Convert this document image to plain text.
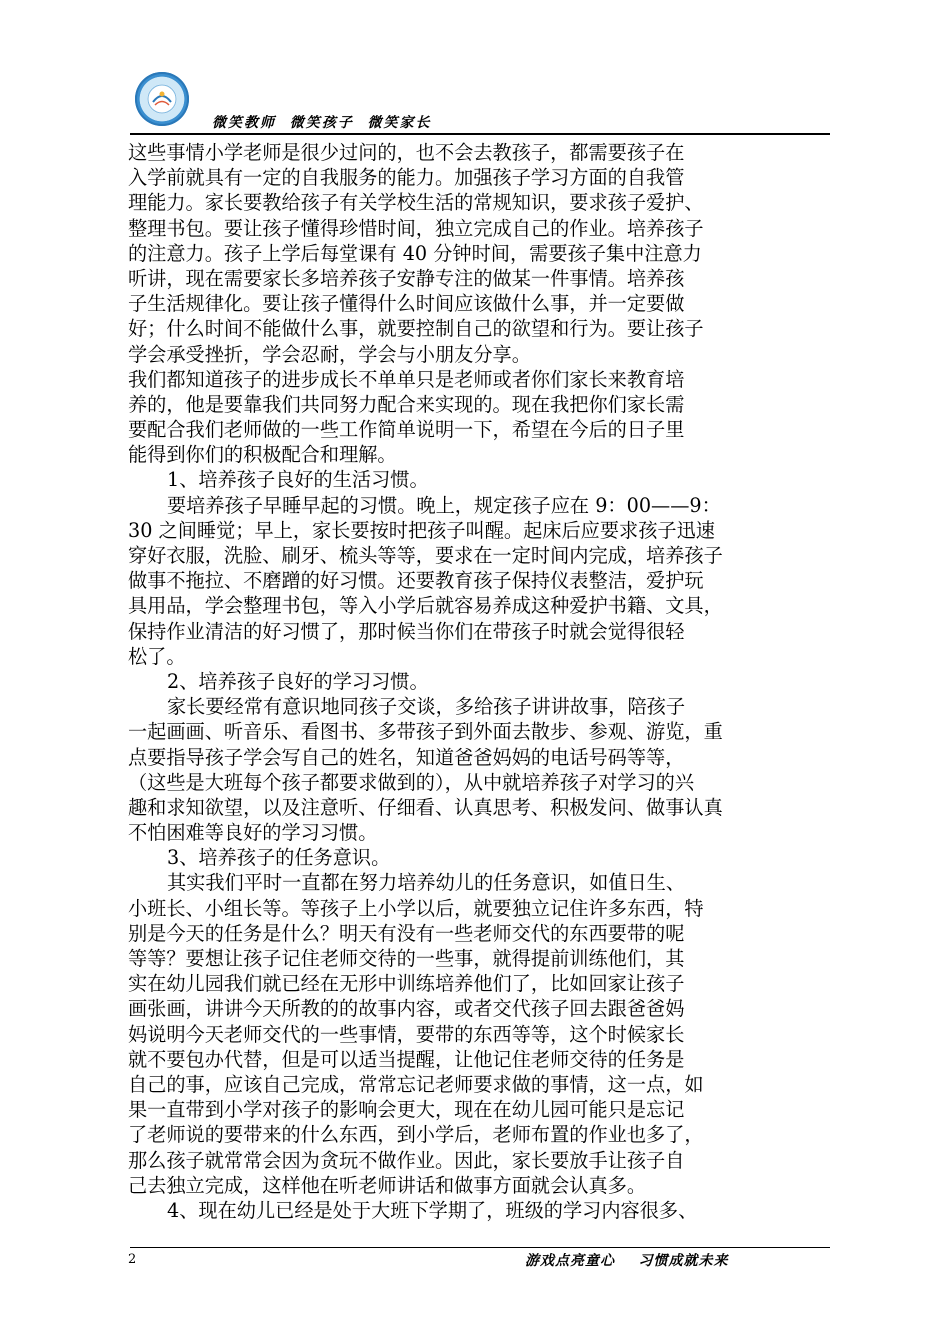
微笑教师  微笑孩子  微笑家长
这些事情小学老师是很少过问的，也不会去教孩子，都需要孩子在
入学前就具有一定的自我服务的能力。加强孩子学习方面的自我管
理能力。家长要教给孩子有关学校生活的常规知识，要求孩子爱护、
整理书包。要让孩子懂得珍惜时间，独立完成自己的作业。培养孩子
的注意力。孩子上学后每堂课有 40 分钟时间，需要孩子集中注意力
听讲，现在需要家长多培养孩子安静专注的做某一件事情。培养孩
子生活规律化。要让孩子懂得什么时间应该做什么事，并一定要做
好；什么时间不能做什么事，就要控制自己的欲望和行为。要让孩子
学会承受挫折，学会忍耐，学会与小朋友分享。
我们都知道孩子的进步成长不单单只是老师或者你们家长来教育培
养的，他是要靠我们共同努力配合来实现的。现在我把你们家长需
要配合我们老师做的一些工作简单说明一下，希望在今后的日子里
能得到你们的积极配合和理解。
1、培养孩子良好的生活习惯。
要培养孩子早睡早起的习惯。晚上，规定孩子应在 9：00——9：
30 之间睡觉；早上，家长要按时把孩子叫醒。起床后应要求孩子迅速
穿好衣服，洗脸、刷牙、梳头等等，要求在一定时间内完成，培养孩子
做事不拖拉、不磨蹭的好习惯。还要教育孩子保持仪表整洁，爱护玩
具用品，学会整理书包，等入小学后就容易养成这种爱护书籍、文具，
保持作业清洁的好习惯了，那时候当你们在带孩子时就会觉得很轻
松了。
2、培养孩子良好的学习习惯。
家长要经常有意识地同孩子交谈，多给孩子讲讲故事，陪孩子
一起画画、听音乐、看图书、多带孩子到外面去散步、参观、游览，重
点要指导孩子学会写自己的姓名，知道爸爸妈妈的电话号码等等，
（这些是大班每个孩子都要求做到的），从中就培养孩子对学习的兴
趣和求知欲望，以及注意听、仔细看、认真思考、积极发问、做事认真
不怕困难等良好的学习习惯。
3、培养孩子的任务意识。
其实我们平时一直都在努力培养幼儿的任务意识，如值日生、
小班长、小组长等。等孩子上小学以后，就要独立记住许多东西，特
别是今天的任务是什么？明天有没有一些老师交代的东西要带的呢
等等？要想让孩子记住老师交待的一些事，就得提前训练他们，其
实在幼儿园我们就已经在无形中训练培养他们了，比如回家让孩子
画张画，讲讲今天所教的的故事内容，或者交代孩子回去跟爸爸妈
妈说明今天老师交代的一些事情，要带的东西等等，这个时候家长
就不要包办代替，但是可以适当提醒，让他记住老师交待的任务是
自己的事，应该自己完成，常常忘记老师要求做的事情，这一点，如
果一直带到小学对孩子的影响会更大，现在在幼儿园可能只是忘记
了老师说的要带来的什么东西，到小学后，老师布置的作业也多了，
那么孩子就常常会因为贪玩不做作业。因此，家长要放手让孩子自
己去独立完成，这样他在听老师讲话和做事方面就会认真多。
4、现在幼儿已经是处于大班下学期了，班级的学习内容很多、
2	游戏点亮童心    习惯成就未来
